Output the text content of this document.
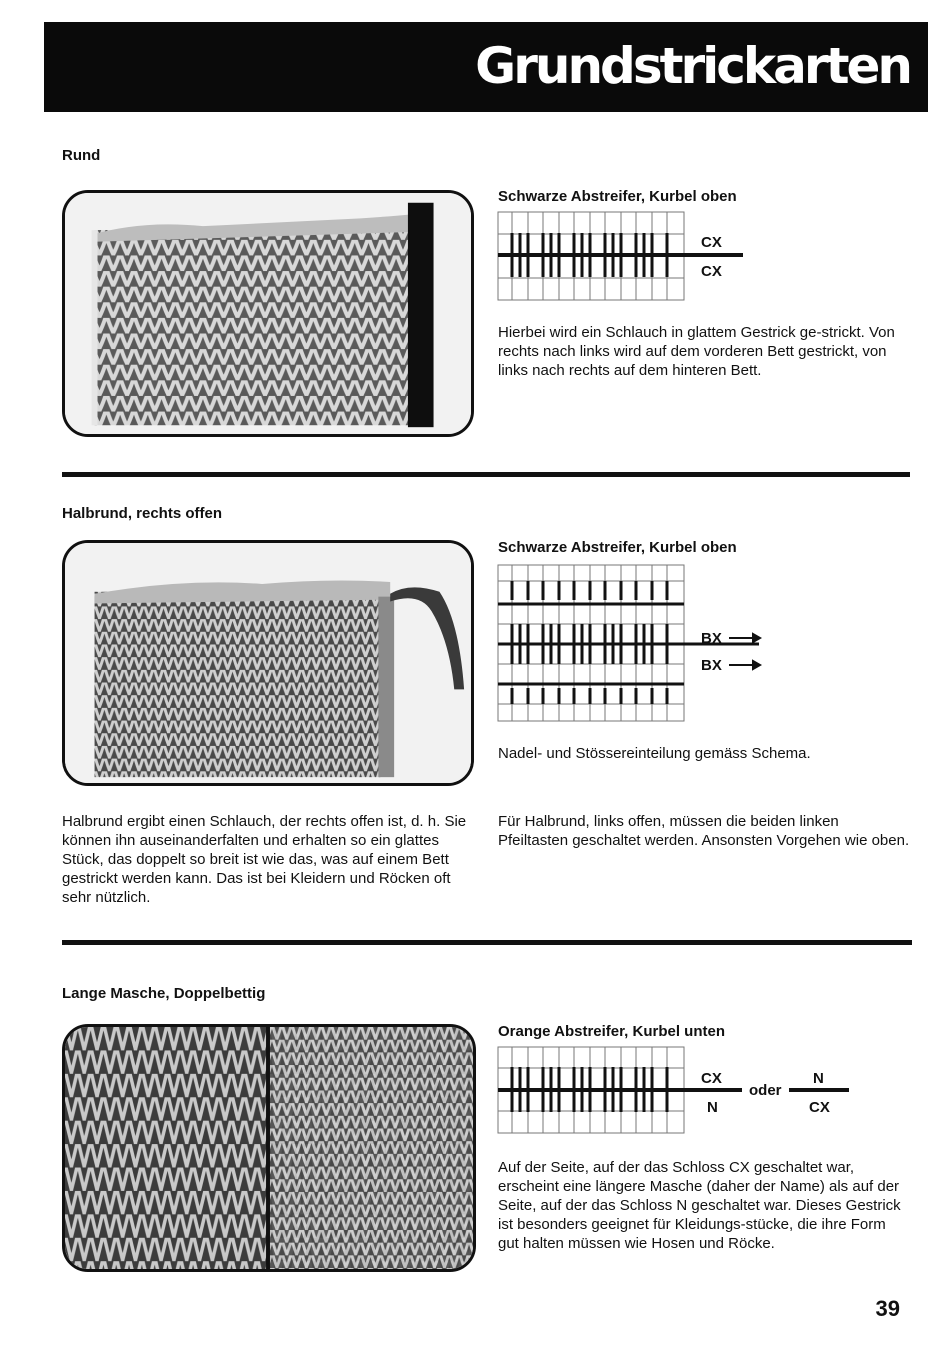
Grundstrickarten
Rund
Schwarze Abstreifer, Kurbel oben
CX
CX
Hierbei wird ein Schlauch in glattem Gestrick ge-strickt. Von rechts nach links wird auf dem vorderen Bett gestrickt, von links nach rechts auf dem hinteren Bett.
Halbrund, rechts offen
Schwarze Abstreifer, Kurbel oben
BX
BX
Nadel- und Stössereinteilung gemäss Schema.
Halbrund ergibt einen Schlauch, der rechts offen ist, d. h. Sie können ihn auseinanderfalten und erhalten so ein glattes Stück, das doppelt so breit ist wie das, was auf einem Bett gestrickt werden kann. Das ist bei Kleidern und Röcken oft sehr nützlich.
Für Halbrund, links offen, müssen die beiden linken Pfeiltasten geschaltet werden. Ansonsten Vorgehen wie oben.
Lange Masche, Doppelbettig
Orange Abstreifer, Kurbel unten
CX
N
oder
N
CX
Auf der Seite, auf der das Schloss CX geschaltet war, erscheint eine längere Masche (daher der Name) als auf der Seite, auf der das Schloss N geschaltet war. Dieses Gestrick ist besonders geeignet für Kleidungs-stücke, die ihre Form gut halten müssen wie Hosen und Röcke.
39
